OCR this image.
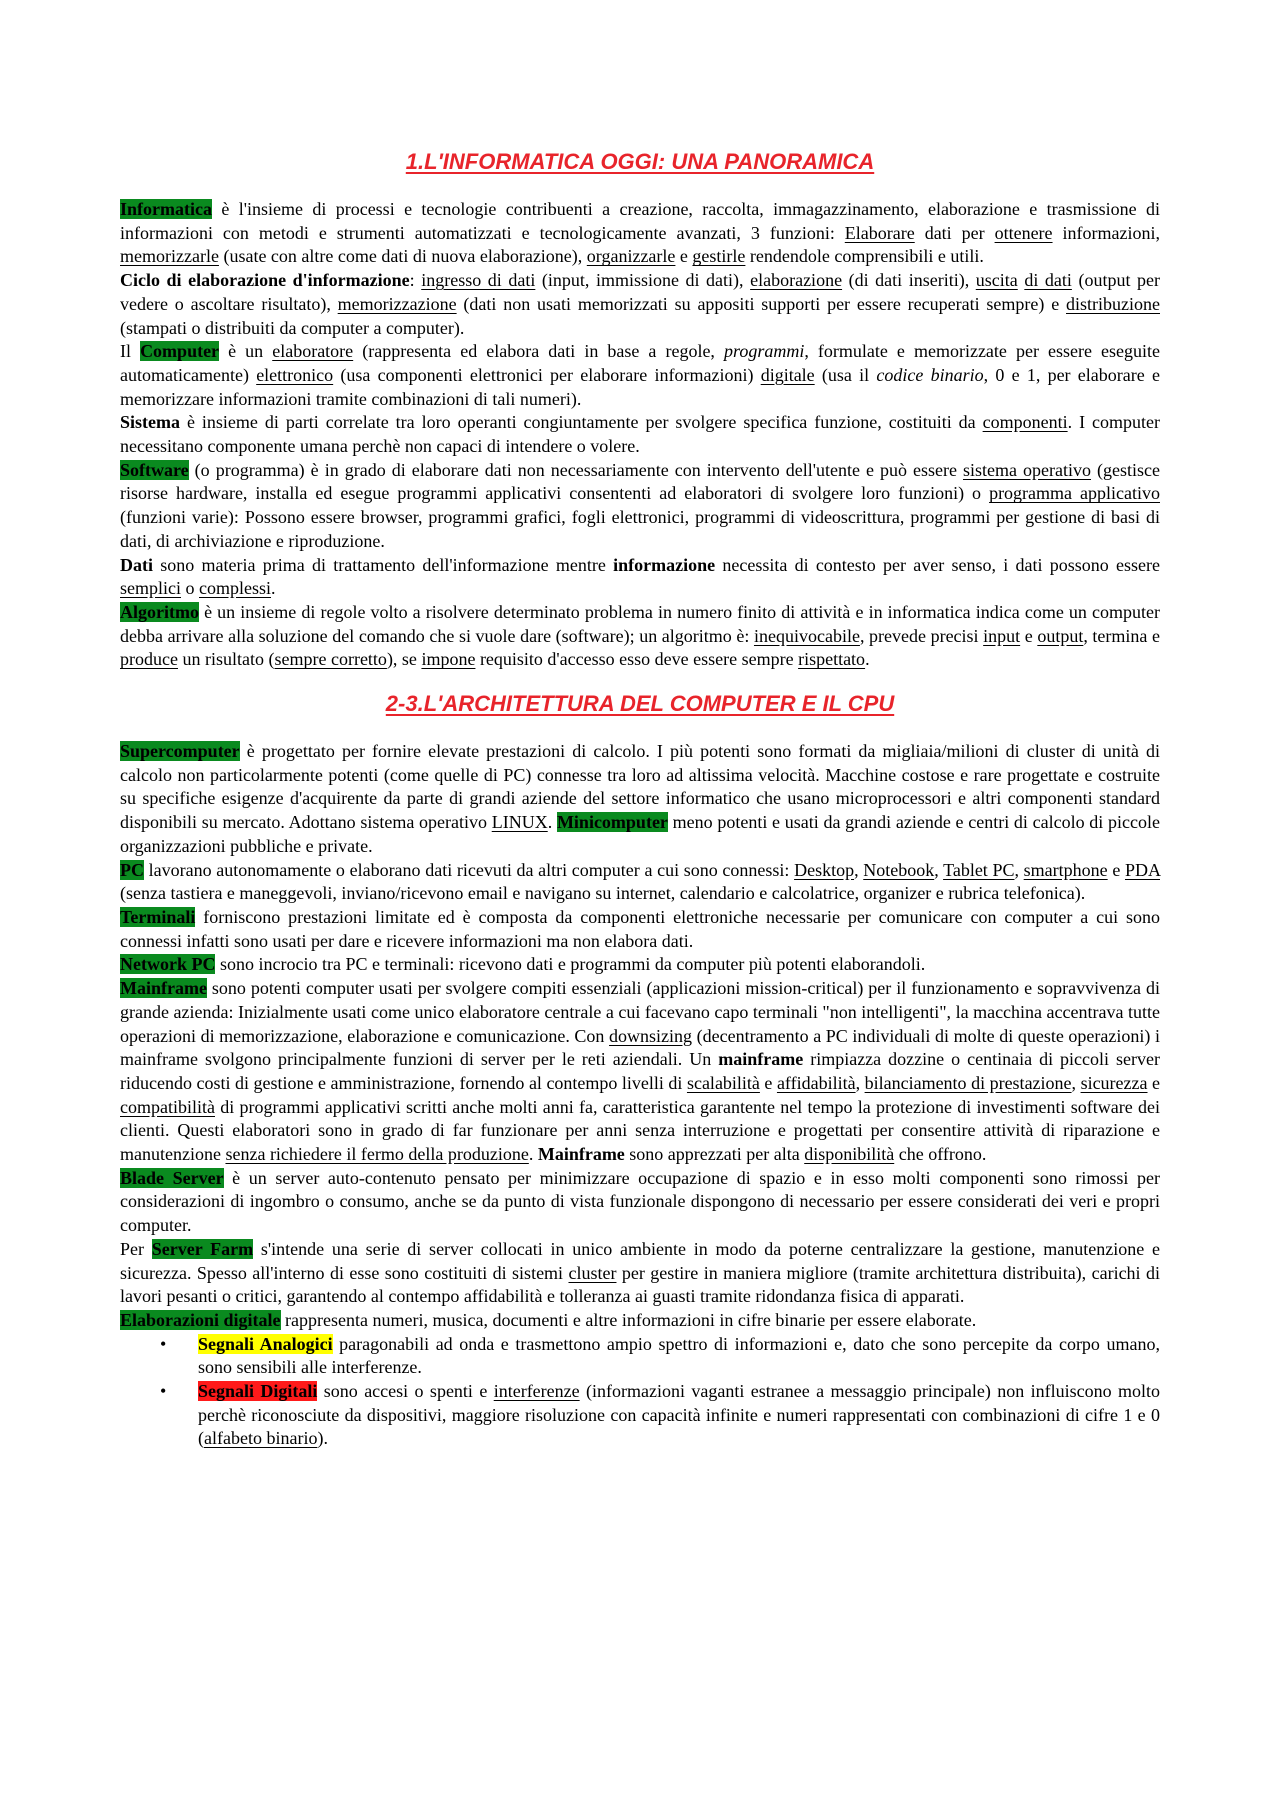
1.L'INFORMATICA OGGI: UNA PANORAMICA

Informatica è l'insieme di processi e tecnologie contribuenti a creazione, raccolta, immagazzinamento, elaborazione e trasmissione di informazioni con metodi e strumenti automatizzati e tecnologicamente avanzati, 3 funzioni: Elaborare dati per ottenere informazioni, memorizzarle (usate con altre come dati di nuova elaborazione), organizzarle e gestirle rendendole comprensibili e utili.

Ciclo di elaborazione d'informazione: ingresso di dati (input, immissione di dati), elaborazione (di dati inseriti), uscita di dati (output per vedere o ascoltare risultato), memorizzazione (dati non usati memorizzati su appositi supporti per essere recuperati sempre) e distribuzione (stampati o distribuiti da computer a computer).

Il Computer è un elaboratore (rappresenta ed elabora dati in base a regole, programmi, formulate e memorizzate per essere eseguite automaticamente) elettronico (usa componenti elettronici per elaborare informazioni) digitale (usa il codice binario, 0 e 1, per elaborare e memorizzare informazioni tramite combinazioni di tali numeri).

Sistema è insieme di parti correlate tra loro operanti congiuntamente per svolgere specifica funzione, costituiti da componenti. I computer necessitano componente umana perchè non capaci di intendere o volere.

Software (o programma) è in grado di elaborare dati non necessariamente con intervento dell'utente e può essere sistema operativo (gestisce risorse hardware, installa ed esegue programmi applicativi consententi ad elaboratori di svolgere loro funzioni) o programma applicativo (funzioni varie): Possono essere browser, programmi grafici, fogli elettronici, programmi di videoscrittura, programmi per gestione di basi di dati, di archiviazione e riproduzione.

Dati sono materia prima di trattamento dell'informazione mentre informazione necessita di contesto per aver senso, i dati possono essere semplici o complessi.

Algoritmo è un insieme di regole volto a risolvere determinato problema in numero finito di attività e in informatica indica come un computer debba arrivare alla soluzione del comando che si vuole dare (software); un algoritmo è: inequivocabile, prevede precisi input e output, termina e produce un risultato (sempre corretto), se impone requisito d'accesso esso deve essere sempre rispettato.

2-3.L'ARCHITETTURA DEL COMPUTER E IL CPU

Supercomputer è progettato per fornire elevate prestazioni di calcolo. I più potenti sono formati da migliaia/milioni di cluster di unità di calcolo non particolarmente potenti (come quelle di PC) connesse tra loro ad altissima velocità. Macchine costose e rare progettate e costruite su specifiche esigenze d'acquirente da parte di grandi aziende del settore informatico che usano microprocessori e altri componenti standard disponibili su mercato. Adottano sistema operativo LINUX. Minicomputer meno potenti e usati da grandi aziende e centri di calcolo di piccole organizzazioni pubbliche e private.

PC lavorano autonomamente o elaborano dati ricevuti da altri computer a cui sono connessi: Desktop, Notebook, Tablet PC, smartphone e PDA (senza tastiera e maneggevoli, inviano/ricevono email e navigano su internet, calendario e calcolatrice, organizer e rubrica telefonica).

Terminali forniscono prestazioni limitate ed è composta da componenti elettroniche necessarie per comunicare con computer a cui sono connessi infatti sono usati per dare e ricevere informazioni ma non elabora dati.

Network PC sono incrocio tra PC e terminali: ricevono dati e programmi da computer più potenti elaborandoli.

Mainframe sono potenti computer usati per svolgere compiti essenziali (applicazioni mission-critical) per il funzionamento e sopravvivenza di grande azienda: Inizialmente usati come unico elaboratore centrale a cui facevano capo terminali "non intelligenti", la macchina accentrava tutte operazioni di memorizzazione, elaborazione e comunicazione. Con downsizing (decentramento a PC individuali di molte di queste operazioni) i mainframe svolgono principalmente funzioni di server per le reti aziendali. Un mainframe rimpiazza dozzine o centinaia di piccoli server riducendo costi di gestione e amministrazione, fornendo al contempo livelli di scalabilità e affidabilità, bilanciamento di prestazione, sicurezza e compatibilità di programmi applicativi scritti anche molti anni fa, caratteristica garantente nel tempo la protezione di investimenti software dei clienti. Questi elaboratori sono in grado di far funzionare per anni senza interruzione e progettati per consentire attività di riparazione e manutenzione senza richiedere il fermo della produzione. Mainframe sono apprezzati per alta disponibilità che offrono.

Blade Server è un server auto-contenuto pensato per minimizzare occupazione di spazio e in esso molti componenti sono rimossi per considerazioni di ingombro o consumo, anche se da punto di vista funzionale dispongono di necessario per essere considerati dei veri e propri computer.

Per Server Farm s'intende una serie di server collocati in unico ambiente in modo da poterne centralizzare la gestione, manutenzione e sicurezza. Spesso all'interno di esse sono costituiti di sistemi cluster per gestire in maniera migliore (tramite architettura distribuita), carichi di lavori pesanti o critici, garantendo al contempo affidabilità e tolleranza ai guasti tramite ridondanza fisica di apparati.

Elaborazioni digitale rappresenta numeri, musica, documenti e altre informazioni in cifre binarie per essere elaborate.

• Segnali Analogici paragonabili ad onda e trasmettono ampio spettro di informazioni e, dato che sono percepite da corpo umano, sono sensibili alle interferenze.
• Segnali Digitali sono accesi o spenti e interferenze (informazioni vaganti estranee a messaggio principale) non influiscono molto perchè riconosciute da dispositivi, maggiore risoluzione con capacità infinite e numeri rappresentati con combinazioni di cifre 1 e 0 (alfabeto binario).
